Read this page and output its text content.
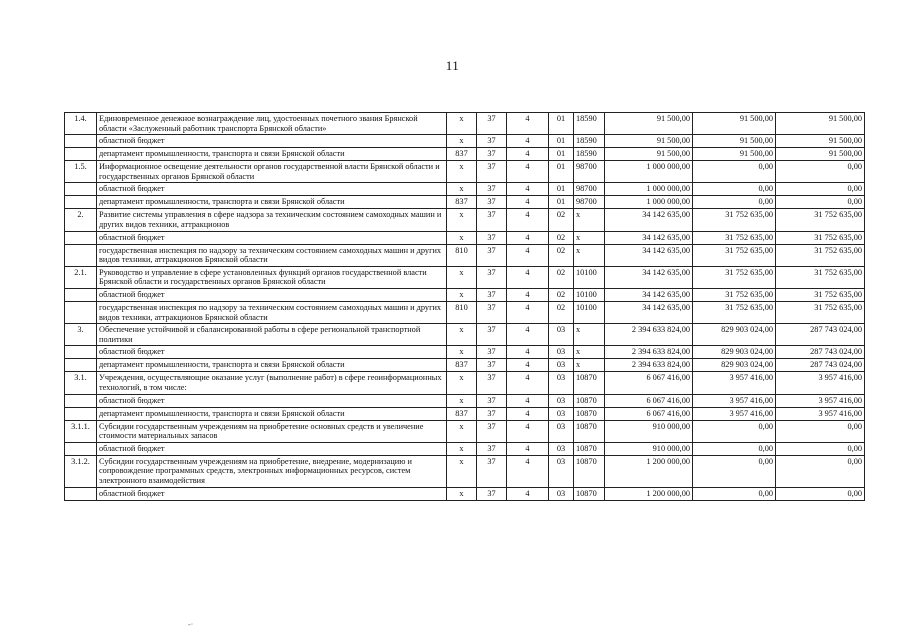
11
1.4.	Единовременное денежное вознаграждение лиц, удостоенных почетного звания Брянской области «Заслуженный работник транспорта Брянской области»	x	37	4	01	18590	91 500,00	91 500,00	91 500,00
	областной бюджет	x	37	4	01	18590	91 500,00	91 500,00	91 500,00
	департамент промышленности, транспорта и связи Брянской области	837	37	4	01	18590	91 500,00	91 500,00	91 500,00
1.5.	Информационное освещение деятельности органов государственной власти Брянской области и государственных органов Брянской области	x	37	4	01	98700	1 000 000,00	0,00	0,00
	областной бюджет	x	37	4	01	98700	1 000 000,00	0,00	0,00
	департамент промышленности, транспорта и связи Брянской области	837	37	4	01	98700	1 000 000,00	0,00	0,00
2.	Развитие системы управления в сфере надзора за техническим состоянием самоходных машин и других видов техники, аттракционов	x	37	4	02	x	34 142 635,00	31 752 635,00	31 752 635,00
	областной бюджет	x	37	4	02	x	34 142 635,00	31 752 635,00	31 752 635,00
	государственная инспекция по надзору за техническим состоянием самоходных машин и других видов техники, аттракционов Брянской области	810	37	4	02	x	34 142 635,00	31 752 635,00	31 752 635,00
2.1.	Руководство и управление в сфере установленных функций органов государственной власти Брянской области и государственных органов Брянской области	x	37	4	02	10100	34 142 635,00	31 752 635,00	31 752 635,00
	областной бюджет	x	37	4	02	10100	34 142 635,00	31 752 635,00	31 752 635,00
	государственная инспекция по надзору за техническим состоянием самоходных машин и других видов техники, аттракционов Брянской области	810	37	4	02	10100	34 142 635,00	31 752 635,00	31 752 635,00
3.	Обеспечение устойчивой и сбалансированной работы в сфере региональной транспортной политики	x	37	4	03	x	2 394 633 824,00	829 903 024,00	287 743 024,00
	областной бюджет	x	37	4	03	x	2 394 633 824,00	829 903 024,00	287 743 024,00
	департамент промышленности, транспорта и связи Брянской области	837	37	4	03	x	2 394 633 824,00	829 903 024,00	287 743 024,00
3.1.	Учреждения, осуществляющие оказание услуг (выполнение работ) в сфере геоинформационных технологий, в том числе:	x	37	4	03	10870	6 067 416,00	3 957 416,00	3 957 416,00
	областной бюджет	x	37	4	03	10870	6 067 416,00	3 957 416,00	3 957 416,00
	департамент промышленности, транспорта и связи Брянской области	837	37	4	03	10870	6 067 416,00	3 957 416,00	3 957 416,00
3.1.1.	Субсидии государственным учреждениям на приобретение основных средств и увеличение стоимости материальных запасов	x	37	4	03	10870	910 000,00	0,00	0,00
	областной бюджет	x	37	4	03	10870	910 000,00	0,00	0,00
3.1.2.	Субсидии государственным учреждениям на приобретение, внедрение, модернизацию и сопровождение программных средств, электронных информационных ресурсов, систем электронного взаимодействия	x	37	4	03	10870	1 200 000,00	0,00	0,00
	областной бюджет	x	37	4	03	10870	1 200 000,00	0,00	0,00
-·
